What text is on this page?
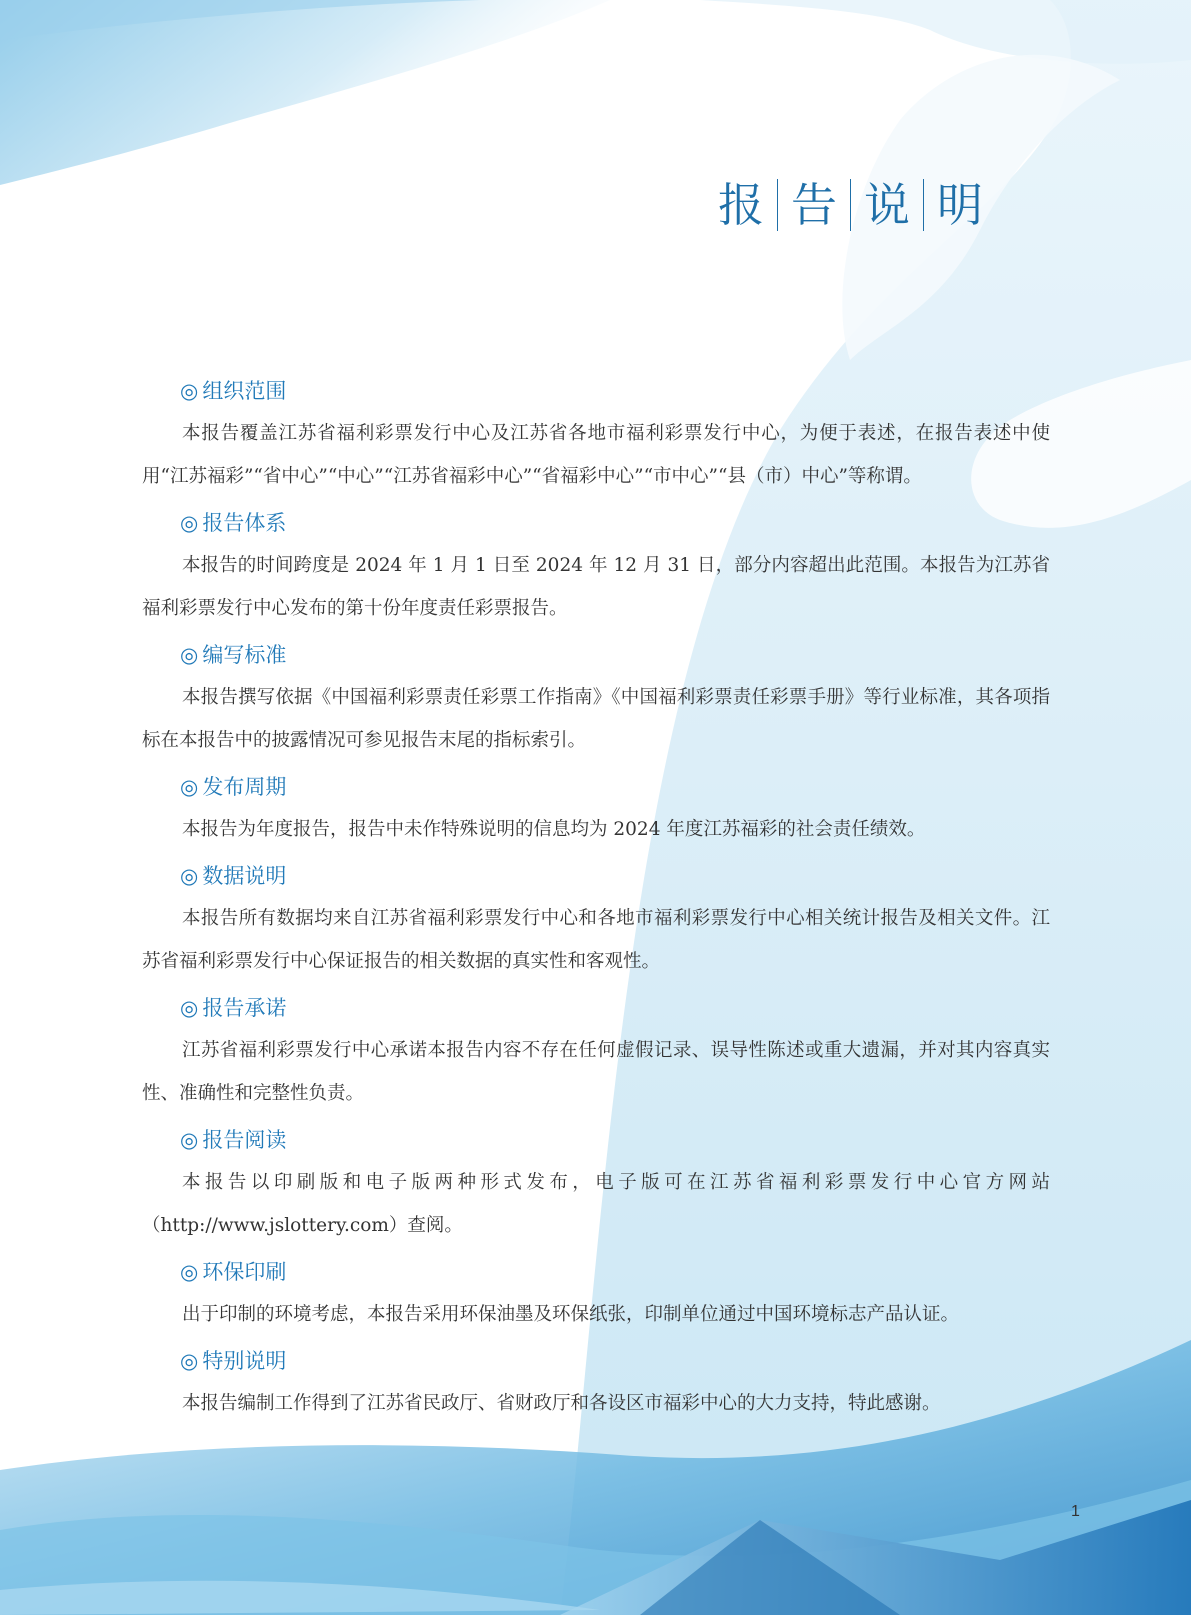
报 告 说 明
◎ 组织范围

本报告覆盖江苏省福利彩票发行中心及江苏省各地市福利彩票发行中心，为便于表述，在报告表述中使用“江苏福彩”“省中心”“中心”“江苏省福彩中心”“省福彩中心”“市中心”“县（市）中心”等称谓。

◎ 报告体系

本报告的时间跨度是 2024 年 1 月 1 日至 2024 年 12 月 31 日，部分内容超出此范围。本报告为江苏省福利彩票发行中心发布的第十份年度责任彩票报告。

◎ 编写标准

本报告撰写依据《中国福利彩票责任彩票工作指南》《中国福利彩票责任彩票手册》等行业标准，其各项指标在本报告中的披露情况可参见报告末尾的指标索引。

◎ 发布周期

本报告为年度报告，报告中未作特殊说明的信息均为 2024 年度江苏福彩的社会责任绩效。

◎ 数据说明

本报告所有数据均来自江苏省福利彩票发行中心和各地市福利彩票发行中心相关统计报告及相关文件。江苏省福利彩票发行中心保证报告的相关数据的真实性和客观性。

◎ 报告承诺

江苏省福利彩票发行中心承诺本报告内容不存在任何虚假记录、误导性陈述或重大遗漏，并对其内容真实性、准确性和完整性负责。

◎ 报告阅读

本报告以印刷版和电子版两种形式发布，电子版可在江苏省福利彩票发行中心官方网站（http://www.jslottery.com）查阅。

◎ 环保印刷

出于印制的环境考虑，本报告采用环保油墨及环保纸张，印制单位通过中国环境标志产品认证。

◎ 特别说明

本报告编制工作得到了江苏省民政厅、省财政厅和各设区市福彩中心的大力支持，特此感谢。

1
